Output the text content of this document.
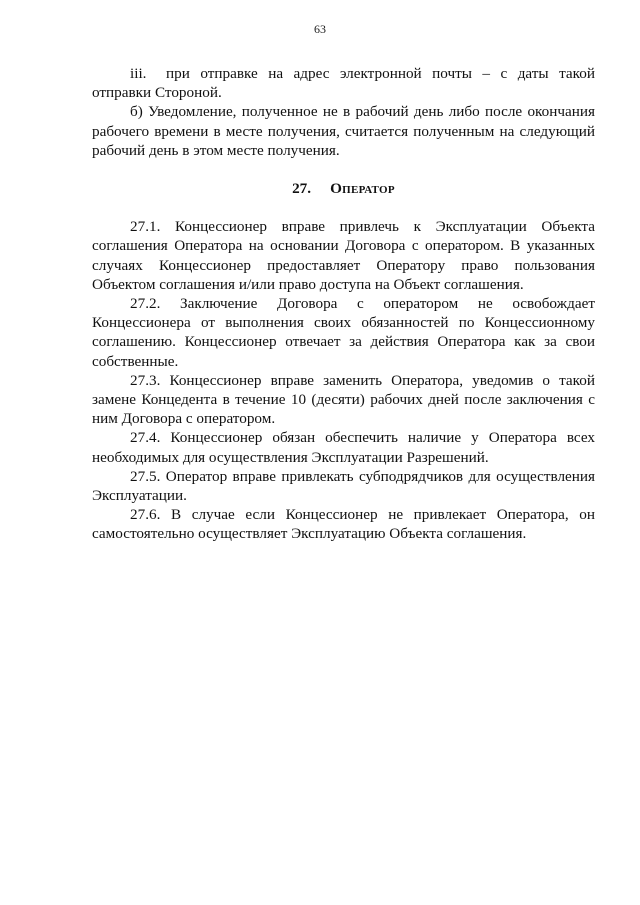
63

iii. при отправке на адрес электронной почты – с даты такой отправки Стороной.

б) Уведомление, полученное не в рабочий день либо после окончания рабочего времени в месте получения, считается полученным на следующий рабочий день в этом месте получения.

27. Оператор

27.1. Концессионер вправе привлечь к Эксплуатации Объекта соглашения Оператора на основании Договора с оператором. В указанных случаях Концессионер предоставляет Оператору право пользования Объектом соглашения и/или право доступа на Объект соглашения.

27.2. Заключение Договора с оператором не освобождает Концессионера от выполнения своих обязанностей по Концессионному соглашению. Концессионер отвечает за действия Оператора как за свои собственные.

27.3. Концессионер вправе заменить Оператора, уведомив о такой замене Концедента в течение 10 (десяти) рабочих дней после заключения с ним Договора с оператором.

27.4. Концессионер обязан обеспечить наличие у Оператора всех необходимых для осуществления Эксплуатации Разрешений.

27.5. Оператор вправе привлекать субподрядчиков для осуществления Эксплуатации.

27.6. В случае если Концессионер не привлекает Оператора, он самостоятельно осуществляет Эксплуатацию Объекта соглашения.
